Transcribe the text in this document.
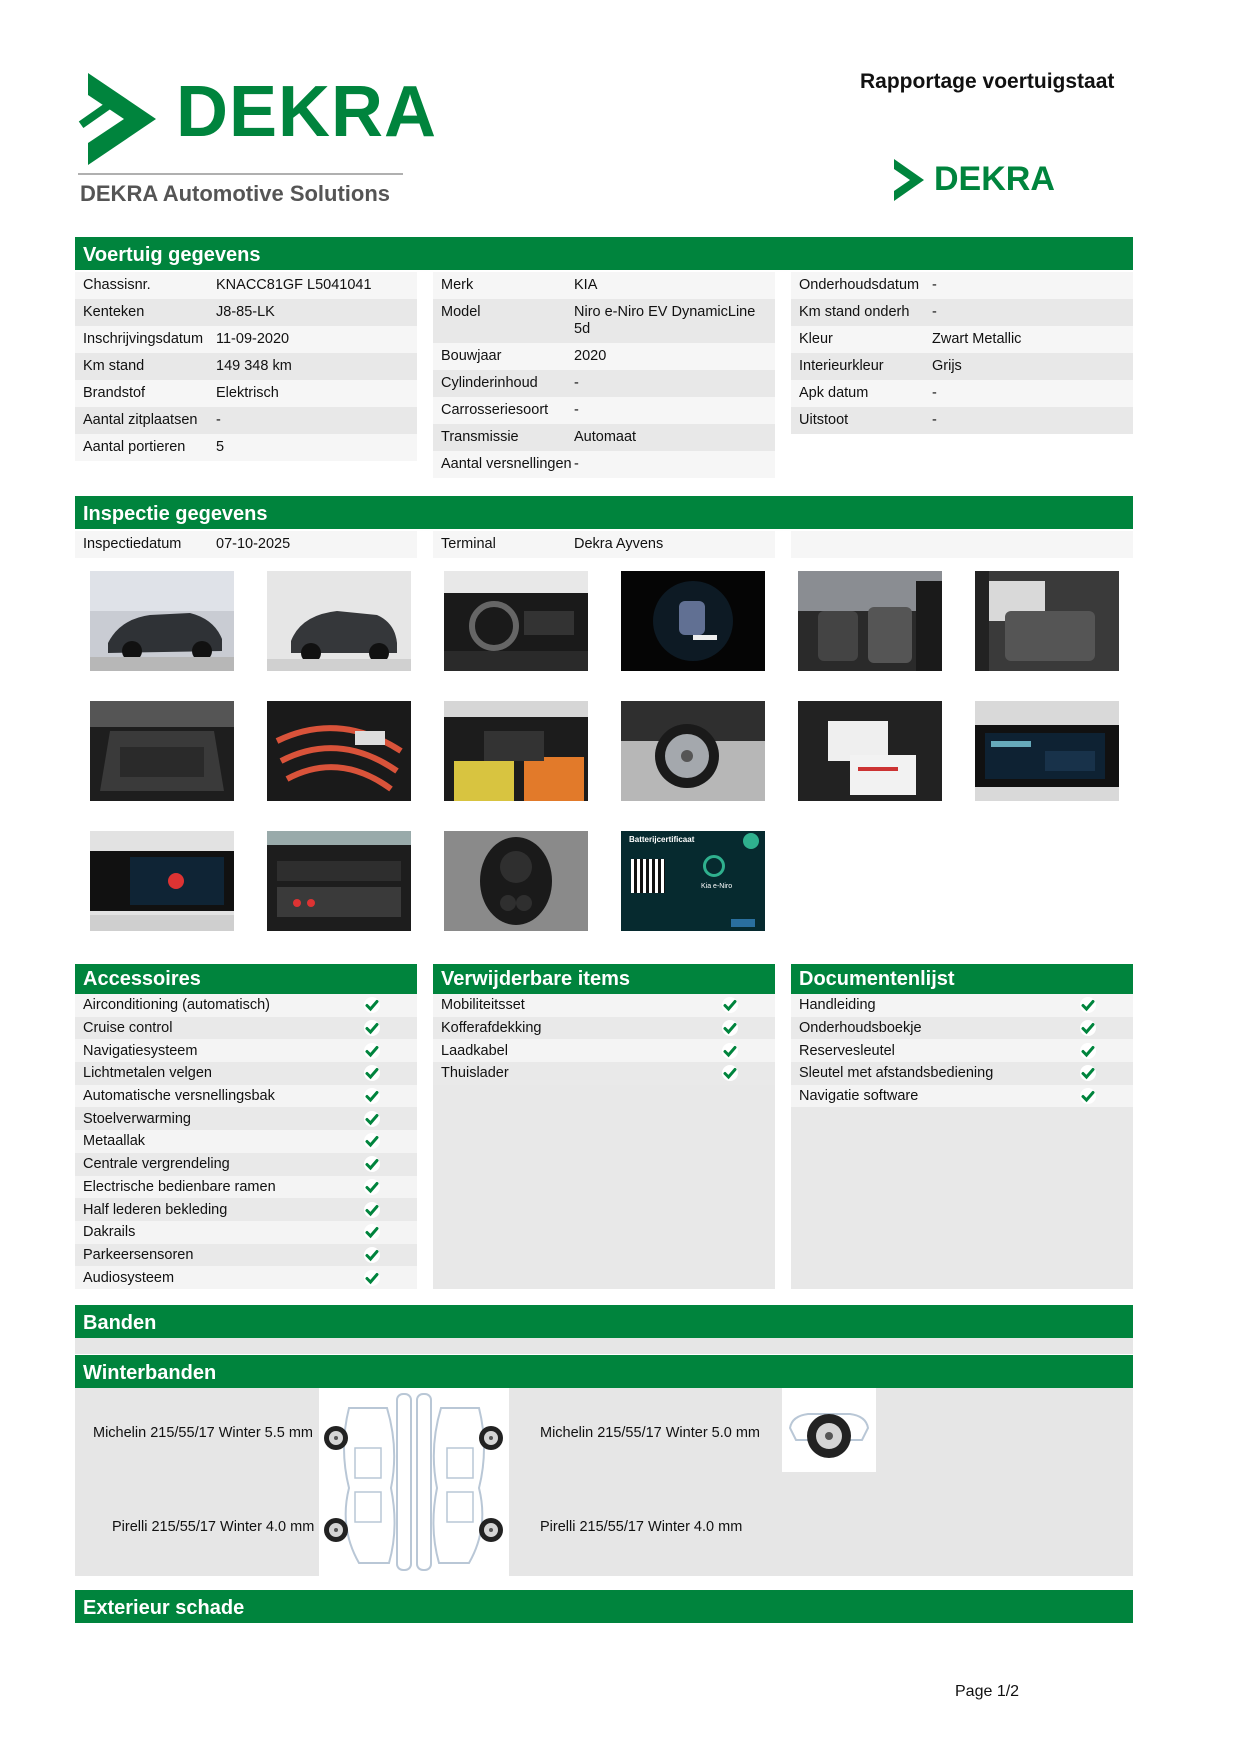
DEKRA
DEKRA Automotive Solutions
Rapportage voertuigstaat
DEKRA
Voertuig gegevens
Chassisnr.	KNACC81GF L5041041
Kenteken	J8-85-LK
Inschrijvingsdatum 11-09-2020
Km stand	149 348 km
Brandstof	Elektrisch
Aantal zitplaatsen	-
Aantal portieren	5
Merk	KIA
Model	Niro e-Niro EV DynamicLine 5d
Bouwjaar	2020
Cylinderinhoud	-
Carrosseriesoort	-
Transmissie	Automaat
Aantal versnellingen -
Onderhoudsdatum -
Km stand onderh	-
Kleur	Zwart Metallic
Interieurkleur	Grijs
Apk datum	-
Uitstoot	-
Inspectie gegevens
Inspectiedatum	07-10-2025	Terminal	Dekra Ayvens
Batterijcertificaat
Kia e-Niro
Accessoires	Verwijderbare items	Documentenlijst
Airconditioning (automatisch)
Cruise control
Navigatiesysteem
Lichtmetalen velgen
Automatische versnellingsbak
Stoelverwarming
Metaallak
Centrale vergrendeling
Electrische bedienbare ramen
Half lederen bekleding
Dakrails
Parkeersensoren
Audiosysteem
Mobiliteitsset
Kofferafdekking
Laadkabel
Thuislader
Handleiding
Onderhoudsboekje
Reservesleutel
Sleutel met afstandsbediening
Navigatie software
Banden
Winterbanden
Michelin 215/55/17 Winter 5.5 mm
Pirelli 215/55/17 Winter 4.0 mm
Michelin 215/55/17 Winter 5.0 mm
Pirelli 215/55/17 Winter 4.0 mm
Exterieur schade
Page 1/2
